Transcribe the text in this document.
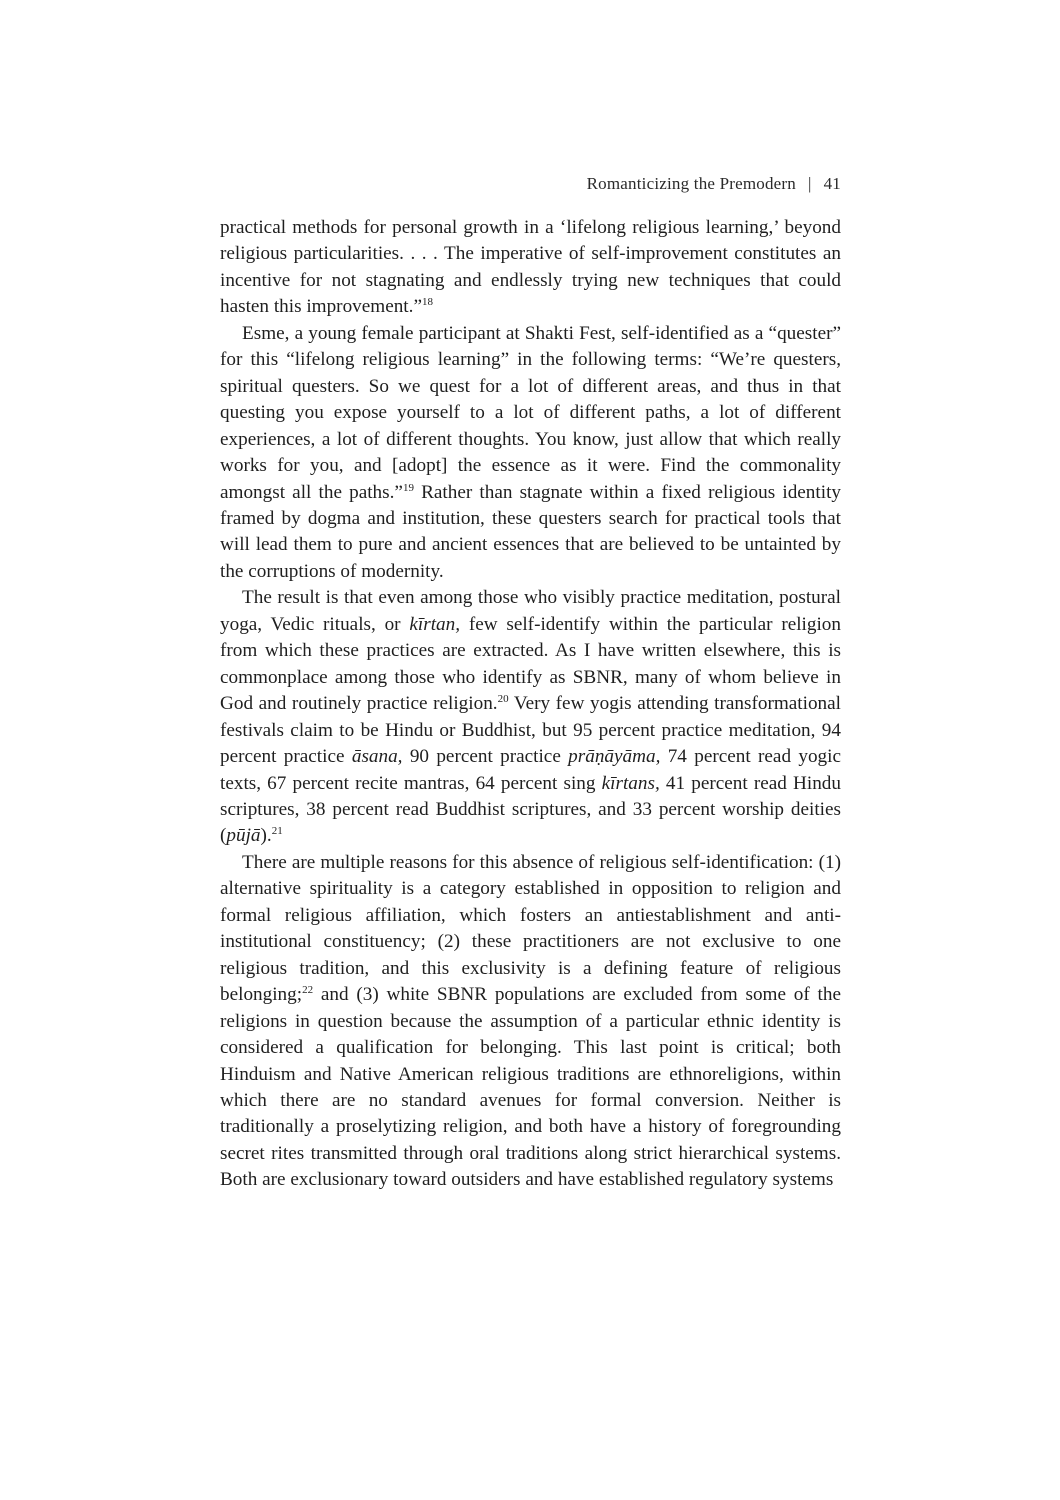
Romanticizing the Premodern | 41

practical methods for personal growth in a ‘lifelong religious learning,’ beyond religious particularities. . . . The imperative of self-improvement constitutes an incentive for not stagnating and endlessly trying new techniques that could hasten this improvement.”$^{18}$

Esme, a young female participant at Shakti Fest, self-identified as a “quester” for this “lifelong religious learning” in the following terms: “We’re questers, spiritual questers. So we quest for a lot of different areas, and thus in that questing you expose yourself to a lot of different paths, a lot of different experiences, a lot of different thoughts. You know, just allow that which really works for you, and [adopt] the essence as it were. Find the commonality amongst all the paths.”$^{19}$ Rather than stagnate within a fixed religious identity framed by dogma and institution, these questers search for practical tools that will lead them to pure and ancient essences that are believed to be untainted by the corruptions of modernity.

The result is that even among those who visibly practice meditation, postural yoga, Vedic rituals, or kīrtan, few self-identify within the particular religion from which these practices are extracted. As I have written elsewhere, this is commonplace among those who identify as SBNR, many of whom believe in God and routinely practice religion.$^{20}$ Very few yogis attending transformational festivals claim to be Hindu or Buddhist, but 95 percent practice meditation, 94 percent practice āsana, 90 percent practice prāṇāyāma, 74 percent read yogic texts, 67 percent recite mantras, 64 percent sing kīrtans, 41 percent read Hindu scriptures, 38 percent read Buddhist scriptures, and 33 percent worship deities (pūjā).$^{21}$

There are multiple reasons for this absence of religious self-identification: (1) alternative spirituality is a category established in opposition to religion and formal religious affiliation, which fosters an antiestablishment and anti-institutional constituency; (2) these practitioners are not exclusive to one religious tradition, and this exclusivity is a defining feature of religious belonging;$^{22}$ and (3) white SBNR populations are excluded from some of the religions in question because the assumption of a particular ethnic identity is considered a qualification for belonging. This last point is critical; both Hinduism and Native American religious traditions are ethnoreligions, within which there are no standard avenues for formal conversion. Neither is traditionally a proselytizing religion, and both have a history of foregrounding secret rites transmitted through oral traditions along strict hierarchical systems. Both are exclusionary toward outsiders and have established regulatory systems
